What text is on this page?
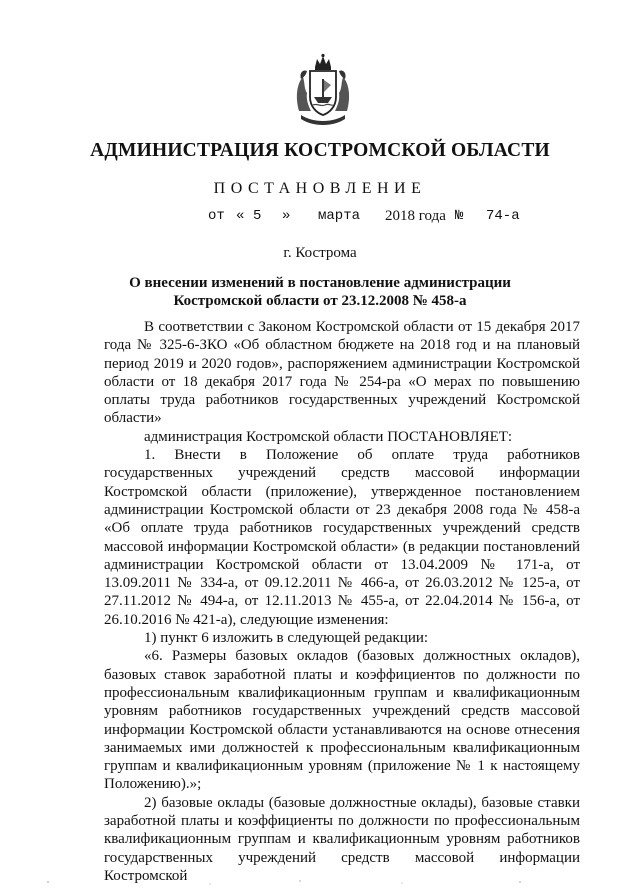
АДМИНИСТРАЦИЯ КОСТРОМСКОЙ ОБЛАСТИ
ПОСТАНОВЛЕНИЕ
от « 5 » марта 2018 года № 74-а
г. Кострома
О внесении изменений в постановление администрации
Костромской области от 23.12.2008 № 458-а

В соответствии с Законом Костромской области от 15 декабря 2017 года № 325-6-ЗКО «Об областном бюджете на 2018 год и на плановый период 2019 и 2020 годов», распоряжением администрации Костромской области от 18 декабря 2017 года № 254-ра «О мерах по повышению оплаты труда работников государственных учреждений Костромской области»

администрация Костромской области ПОСТАНОВЛЯЕТ:

1. Внести в Положение об оплате труда работников государственных учреждений средств массовой информации Костромской области (приложение), утвержденное постановлением администрации Костромской области от 23 декабря 2008 года № 458-а «Об оплате труда работников государственных учреждений средств массовой информации Костромской области» (в редакции постановлений администрации Костромской области от 13.04.2009 № 171-а, от 13.09.2011 № 334-а, от 09.12.2011 № 466-а, от 26.03.2012 № 125-а, от 27.11.2012 № 494-а, от 12.11.2013 № 455-а, от 22.04.2014 № 156-а, от 26.10.2016 № 421-а), следующие изменения:

1) пункт 6 изложить в следующей редакции:

«6. Размеры базовых окладов (базовых должностных окладов), базовых ставок заработной платы и коэффициентов по должности по профессиональным квалификационным группам и квалификационным уровням работников государственных учреждений средств массовой информации Костромской области устанавливаются на основе отнесения занимаемых ими должностей к профессиональным квалификационным группам и квалификационным уровням (приложение № 1 к настоящему Положению).»;

2) базовые оклады (базовые должностные оклады), базовые ставки заработной платы и коэффициенты по должности по профессиональным квалификационным группам и квалификационным уровням работников государственных учреждений средств массовой информации Костромской
